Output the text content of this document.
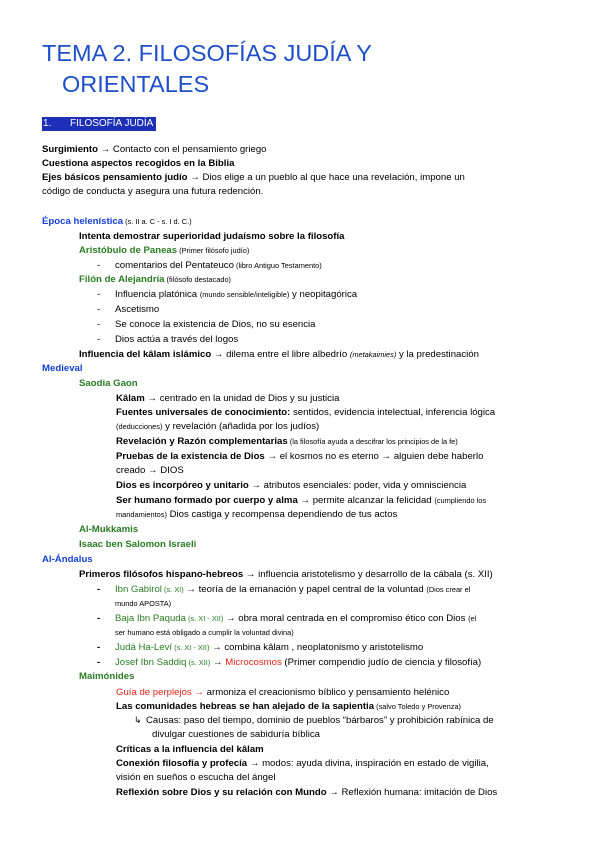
TEMA 2. FILOSOFÍAS JUDÍA Y
ORIENTALES
1. FILOSOFÍA JUDÍA
Surgimiento → Contacto con el pensamiento griego
Cuestiona aspectos recogidos en la Biblia
Ejes básicos pensamiento judío → Dios elige a un pueblo al que hace una revelación, impone un
código de conducta y asegura una futura redención.
Época helenística (s. II a. C - s. I d. C.)
Intenta demostrar superioridad judaísmo sobre la filosofía
Aristóbulo de Paneas (Primer filósofo judío)
- comentarios del Pentateuco (libro Antiguo Testamento)
Filón de Alejandría (filósofo destacado)
- Influencia platónica (mundo sensible/inteligible) y neopitagórica
- Ascetismo
- Se conoce la existencia de Dios, no su esencia
- Dios actúa a través del logos
Influencia del kâlam islámico → dilema entre el libre albedrío (metakaimies) y la predestinación
Medieval
Saodia Gaon
Kâlam → centrado en la unidad de Dios y su justicia
Fuentes universales de conocimiento: sentidos, evidencia intelectual, inferencia lógica
(deducciones) y revelación (añadida por los judíos)
Revelación y Razón complementarias (la filosofía ayuda a descifrar los principios de la fe)
Pruebas de la existencia de Dios → el kosmos no es eterno → alguien debe haberlo
creado → DIOS
Dios es incorpóreo y unitario → atributos esenciales: poder, vida y omnisciencia
Ser humano formado por cuerpo y alma → permite alcanzar la felicidad (cumpliendo los
mandamientos) Dios castiga y recompensa dependiendo de tus actos
Al-Mukkamis
Isaac ben Salomon Israeli
Al-Ándalus
Primeros filósofos hispano-hebreos → influencia aristotelismo y desarrollo de la cábala (s. XII)
- Ibn Gabirol (s. XI) → teoría de la emanación y papel central de la voluntad (Dios crear el
mundo APOSTA)
- Baja Ibn Paquda (s. XI - XII) → obra moral centrada en el compromiso ético con Dios (el
ser humano está obligado a cumplir la voluntad divina)
- Judá Ha-Leví (s. XI - XII) → combina kâlam , neoplatonismo y aristotelismo
- Josef Ibn Saddiq (s. XII) → Microcosmos (Primer compendio judío de ciencia y filosofía)
Maimónides
Guía de perplejos → armoniza el creacionismo bíblico y pensamiento helénico
Las comunidades hebreas se han alejado de la sapientia (salvo Toledo y Provenza)
↳ Causas: paso del tiempo, dominio de pueblos “bárbaros” y prohibición rabínica de
divulgar cuestiones de sabiduría bíblica
Críticas a la influencia del kâlam
Conexión filosofía y profecía → modos: ayuda divina, inspiración en estado de vigilia,
visión en sueños o escucha del ángel
Reflexión sobre Dios y su relación con Mundo → Reflexión humana: imitación de Dios
